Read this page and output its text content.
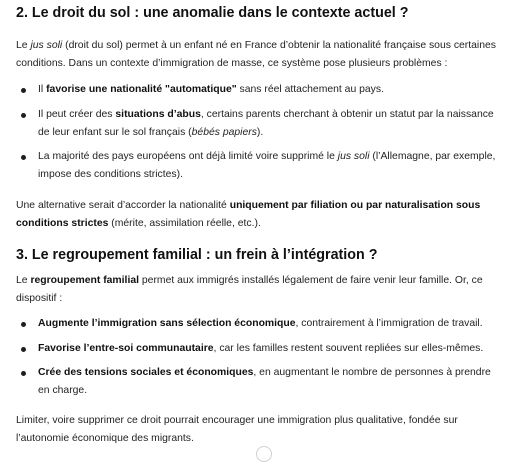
2. Le droit du sol : une anomalie dans le contexte actuel ?

Le jus soli (droit du sol) permet à un enfant né en France d’obtenir la nationalité française sous certaines conditions. Dans un contexte d’immigration de masse, ce système pose plusieurs problèmes :

Il favorise une nationalité "automatique" sans réel attachement au pays.
Il peut créer des situations d’abus, certains parents cherchant à obtenir un statut par la naissance de leur enfant sur le sol français (bébés papiers).
La majorité des pays européens ont déjà limité voire supprimé le jus soli (l’Allemagne, par exemple, impose des conditions strictes).

Une alternative serait d’accorder la nationalité uniquement par filiation ou par naturalisation sous conditions strictes (mérite, assimilation réelle, etc.).

3. Le regroupement familial : un frein à l’intégration ?

Le regroupement familial permet aux immigrés installés légalement de faire venir leur famille. Or, ce dispositif :

Augmente l’immigration sans sélection économique, contrairement à l’immigration de travail.
Favorise l’entre-soi communautaire, car les familles restent souvent repliées sur elles-mêmes.
Crée des tensions sociales et économiques, en augmentant le nombre de personnes à prendre en charge.

Limiter, voire supprimer ce droit pourrait encourager une immigration plus qualitative, fondée sur l’autonomie économique des migrants.
